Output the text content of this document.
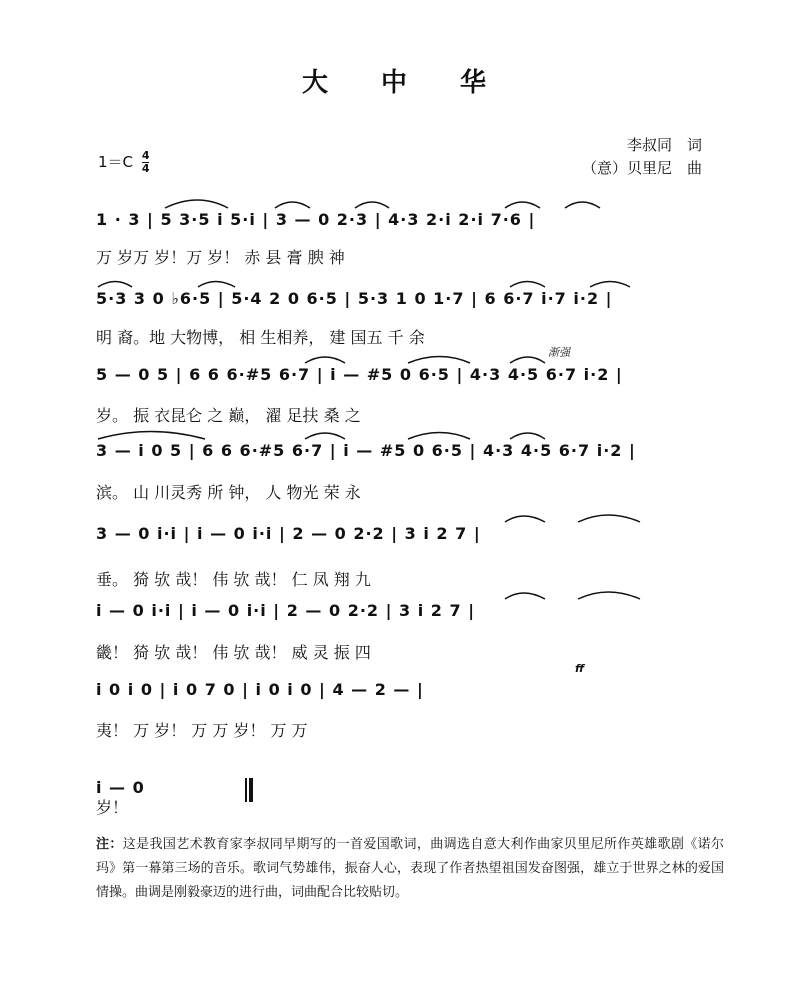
大 中 华
$1=C \frac{4}{4}$
李叔同　词
（意）贝里尼　曲
渐强
ff
1 · 3 | 5 3·5 i 5·i | 3 — 0 2·3 | 4·3 2·i 2·i 7·6 |
万 岁万 岁！万 岁！ 赤 县 膏 腴 神
5·3 3 0 ♭6·5 | 5·4 2 0 6·5 | 5·3 1 0 1·7 | 6 6·7 i·7 i·2 |
明 裔。地 大物博， 相 生相养， 建 国五 千 余
5 — 0 5 | 6 6 6·#5 6·7 | i — #5 0 6·5 | 4·3 4·5 6·7 i·2 |
岁。 振 衣昆仑 之 巅， 濯 足扶 桑 之
3 — i 0 5 | 6 6 6·#5 6·7 | i — #5 0 6·5 | 4·3 4·5 6·7 i·2 |
滨。 山 川灵秀 所 钟， 人 物光 荣 永
3 — 0 i·i | i — 0 i·i | 2 — 0 2·2 | 3 i 2 7 |
垂。 猗 欤 哉！ 伟 欤 哉！ 仁 凤 翔 九
i — 0 i·i | i — 0 i·i | 2 — 0 2·2 | 3 i 2 7 |
畿！ 猗 欤 哉！ 伟 欤 哉！ 威 灵 振 四
i 0 i 0 | i 0 7 0 | i 0 i 0 | 4 — 2 — |
夷！ 万 岁！ 万 万 岁！ 万 万
i — 0
岁！
注：这是我国艺术教育家李叔同早期写的一首爱国歌词，曲调选自意大利作曲家贝里尼所作英雄歌剧《诺尔玛》第一幕第三场的音乐。歌词气势雄伟，振奋人心，表现了作者热望祖国发奋图强，雄立于世界之林的爱国情操。曲调是刚毅豪迈的进行曲，词曲配合比较贴切。
